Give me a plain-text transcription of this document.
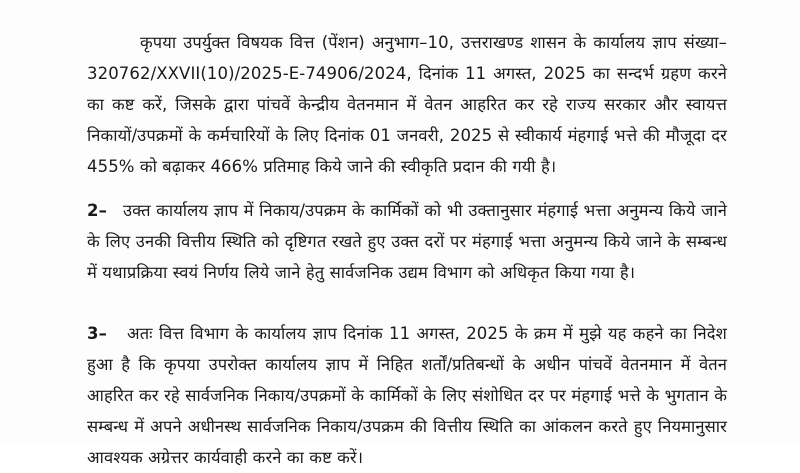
कृपया उपर्युक्त विषयक वित्त (पेंशन) अनुभाग–10, उत्तराखण्ड शासन के कार्यालय ज्ञाप संख्या–320762/XXVII(10)/2025-E-74906/2024, दिनांक 11 अगस्त, 2025 का सन्दर्भ ग्रहण करने का कष्ट करें, जिसके द्वारा पांचवें केन्द्रीय वेतनमान में वेतन आहरित कर रहे राज्य सरकार और स्वायत्त निकायों/उपक्रमों के कर्मचारियों के लिए दिनांक 01 जनवरी, 2025 से स्वीकार्य मंहगाई भत्ते की मौजूदा दर 455% को बढ़ाकर 466% प्रतिमाह किये जाने की स्वीकृति प्रदान की गयी है।

2– उक्त कार्यालय ज्ञाप में निकाय/उपक्रम के कार्मिकों को भी उक्तानुसार मंहगाई भत्ता अनुमन्य किये जाने के लिए उनकी वित्तीय स्थिति को दृष्टिगत रखते हुए उक्त दरों पर मंहगाई भत्ता अनुमन्य किये जाने के सम्बन्ध में यथाप्रक्रिया स्वयं निर्णय लिये जाने हेतु सार्वजनिक उद्यम विभाग को अधिकृत किया गया है।

3– अतः वित्त विभाग के कार्यालय ज्ञाप दिनांक 11 अगस्त, 2025 के क्रम में मुझे यह कहने का निदेश हुआ है कि कृपया उपरोक्त कार्यालय ज्ञाप में निहित शर्तों/प्रतिबन्धों के अधीन पांचवें वेतनमान में वेतन आहरित कर रहे सार्वजनिक निकाय/उपक्रमों के कार्मिकों के लिए संशोधित दर पर मंहगाई भत्ते के भुगतान के सम्बन्ध में अपने अधीनस्थ सार्वजनिक निकाय/उपक्रम की वित्तीय स्थिति का आंकलन करते हुए नियमानुसार आवश्यक अग्रेत्तर कार्यवाही करने का कष्ट करें।
